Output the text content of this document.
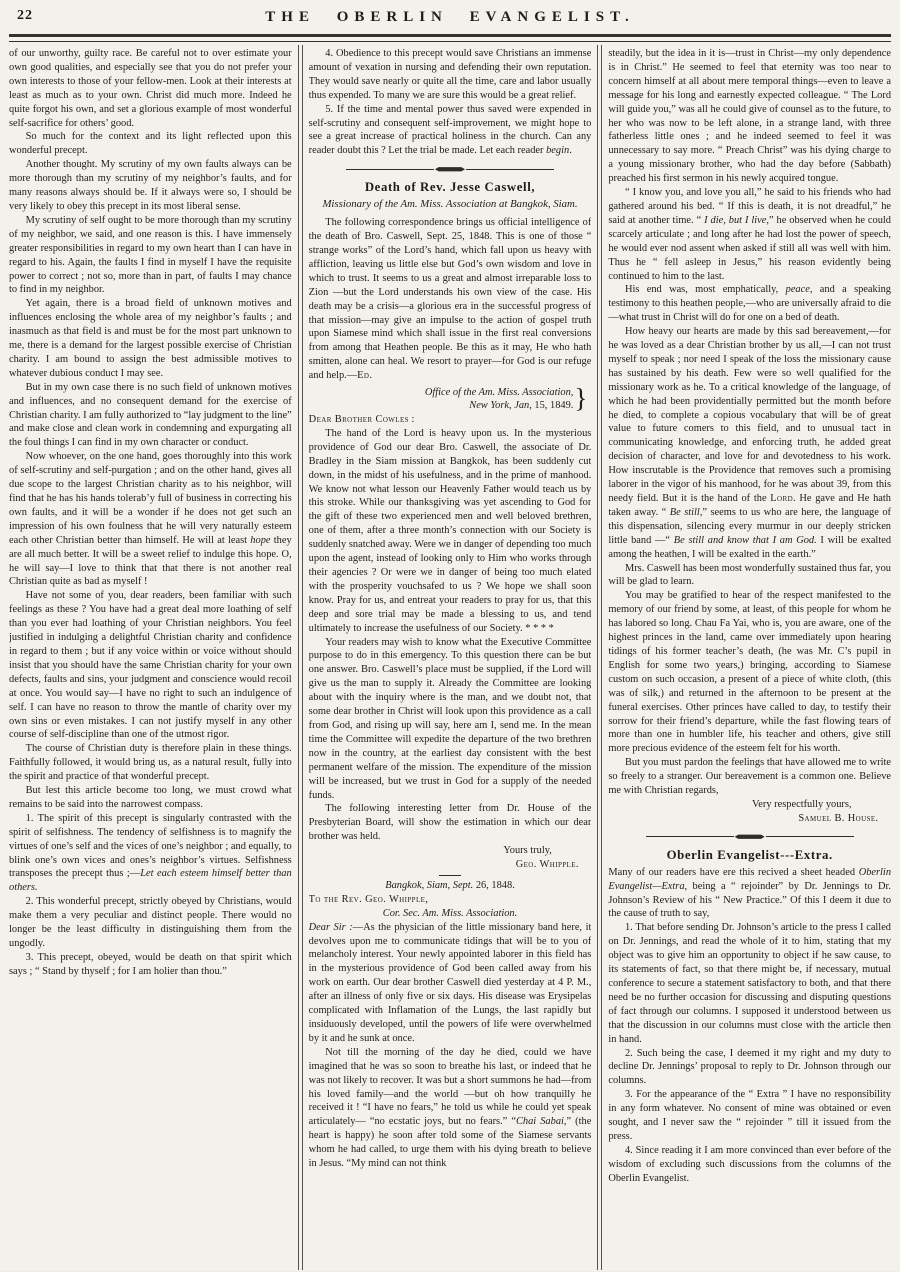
22	THE OBERLIN EVANGELIST.
of our unworthy, guilty race. Be careful not to over estimate your own good qualities, and especially see that you do not prefer your own interests to those of your fellow-men. Look at their interests at least as much as to your own. Christ did much more. Indeed he quite forgot his own, and set a glorious example of most wonderful self-sacrifice for others’ good.
So much for the context and its light reflected upon this wonderful precept.
Another thought. My scrutiny of my own faults always can be more thorough than my scrutiny of my neighbor’s faults, and for many reasons always should be. If it always were so, I should be very likely to obey this precept in its most liberal sense.
My scrutiny of self ought to be more thorough than my scrutiny of my neighbor, we said, and one reason is this. I have immensely greater responsibilities in regard to my own heart than I can have in regard to his. Again, the faults I find in myself I have the requisite power to correct ; not so, more than in part, of faults I may chance to find in my neighbor.
Yet again, there is a broad field of unknown motives and influences enclosing the whole area of my neighbor’s faults ; and inasmuch as that field is and must be for the most part unknown to me, there is a demand for the largest possible exercise of Christian charity. I am bound to assign the best admissible motives to whatever dubious conduct I may see.
But in my own case there is no such field of unknown motives and influences, and no consequent demand for the exercise of Christian charity. I am fully authorized to “lay judgment to the line” and make close and clean work in condemning and expurgating all the foul things I can find in my own character or conduct.
Now whoever, on the one hand, goes thoroughly into this work of self-scrutiny and self-purgation ; and on the other hand, gives all due scope to the largest Christian charity as to his neighbor, will find that he has his hands tolerab’y full of business in correcting his own faults, and it will be a wonder if he does not get such an impression of his own foulness that he will very naturally esteem each other Christian better than himself. He will at least hope they are all much better. It will be a sweet relief to indulge this hope. O, he will say—I love to think that that there is not another real Christian quite as bad as myself !
Have not some of you, dear readers, been familiar with such feelings as these ? You have had a great deal more loathing of self than you ever had loathing of your Christian neighbors. You feel justified in indulging a delightful Christian charity and confidence in regard to them ; but if any voice within or voice without should insist that you should have the same Christian charity for your own defects, faults and sins, your judgment and conscience would recoil at once. You would say—I have no right to such an indulgence of self. I can have no reason to throw the mantle of charity over my own sins or even mistakes. I can not justify myself in any other course of self-discipline than one of the utmost rigor.
The course of Christian duty is therefore plain in these things. Faithfully followed, it would bring us, as a natural result, fully into the spirit and practice of that wonderful precept.
But lest this article become too long, we must crowd what remains to be said into the narrowest compass.
1. The spirit of this precept is singularly contrasted with the spirit of selfishness. The tendency of selfishness is to magnify the virtues of one’s self and the vices of one’s neighbor ; and equally, to blink one’s own vices and ones’s neighbor’s virtues. Selfishness transposes the precept thus ;—Let each esteem himself better than others.
2. This wonderful precept, strictly obeyed by Christians, would make them a very peculiar and distinct people. There would no longer be the least difficulty in distinguishing them from the ungodly.
3. This precept, obeyed, would be death on that spirit which says ; “ Stand by thyself ; for I am holier than thou.”
4. Obedience to this precept would save Christians an immense amount of vexation in nursing and defending their own reputation. They would save nearly or quite all the time, care and labor usually thus expended. To many we are sure this would be a great relief.
5. If the time and mental power thus saved were expended in self-scrutiny and consequent self-improvement, we might hope to see a great increase of practical holiness in the church. Can any reader doubt this ? Let the trial be made. Let each reader begin.
Death of Rev. Jesse Caswell,
Missionary of the Am. Miss. Association at Bangkok, Siam.
The following correspondence brings us official intelligence of the death of Bro. Caswell, Sept. 25, 1848. This is one of those “ strange works” of the Lord’s hand, which fall upon us heavy with affliction, leaving us little else but God’s own wisdom and love in which to trust. It seems to us a great and almost irreparable loss to Zion —but the Lord understands his own view of the case. His death may be a crisis—a glorious era in the successful progress of that mission—may give an impulse to the action of gospel truth upon Siamese mind which shall issue in the first real conversions from among that Heathen people. Be this as it may, He who hath smitten, alone can heal. We resort to prayer—for God is our refuge and help.—Ed.
Office of the Am. Miss. Association,
New York, Jan, 15, 1849. }
Dear Brother Cowles :
The hand of the Lord is heavy upon us. In the mysterious providence of God our dear Bro. Caswell, the associate of Dr. Bradley in the Siam mission at Bangkok, has been suddenly cut down, in the midst of his usefulness, and in the prime of manhood. We know not what lesson our Heavenly Father would teach us by this stroke. While our thanksgiving was yet ascending to God for the gift of these two experienced men and well beloved brethren, one of them, after a three month’s connection with our Society is suddenly snatched away. Were we in danger of depending too much upon the agent, instead of looking only to Him who works through their agencies ? Or were we in danger of being too much elated with the prosperity vouchsafed to us ? We hope we shall soon know. Pray for us, and entreat your readers to pray for us, that this deep and sore trial may be made a blessing to us, and tend ultimately to increase the usefulness of our Society. * * * *
Your readers may wish to know what the Executive Committee purpose to do in this emergency. To this question there can be but one answer. Bro. Caswell’s place must be supplied, if the Lord will give us the man to supply it. Already the Committee are looking about with the inquiry where is the man, and we doubt not, that some dear brother in Christ will look upon this providence as a call from God, and rising up will say, here am I, send me. In the mean time the Committee will expedite the departure of the two brethren now in the country, at the earliest day consistent with the best permanent welfare of the mission. The expenditure of the mission will be increased, but we trust in God for a supply of the needed funds.
The following interesting letter from Dr. House of the Presbyterian Board, will show the estimation in which our dear brother was held.
Yours truly,
Geo. Whipple.
Bangkok, Siam, Sept. 26, 1848.
To the Rev. Geo. Whipple,
Cor. Sec. Am. Miss. Association.
Dear Sir :—As the physician of the little missionary band here, it devolves upon me to communicate tidings that will be to you of melancholy interest. Your newly appointed laborer in this field has in the mysterious providence of God been called away from his work on earth. Our dear brother Caswell died yesterday at 4 P. M., after an illness of only five or six days. His disease was Erysipelas complicated with Inflamation of the Lungs, the last rapidly but insiduously developed, until the powers of life were overwhelmed by it and he sunk at once.
Not till the morning of the day he died, could we have imagined that he was so soon to breathe his last, or indeed that he was not likely to recover. It was but a short summons he had—from his loved family—and the world —but oh how tranquilly he received it ! “I have no fears,” he told us while he could yet speak articulately— “no ecstatic joys, but no fears.” “Chai Sabai,” (the heart is happy) he soon after told some of the Siamese servants whom he had called, to urge them with his dying breath to believe in Jesus. “My mind can not think
steadily, but the idea in it is—trust in Christ—my only dependence is in Christ.” He seemed to feel that eternity was too near to concern himself at all about mere temporal things—even to leave a message for his long and earnestly expected colleague. “ The Lord will guide you,” was all he could give of counsel as to the future, to her who was now to be left alone, in a strange land, with three fatherless little ones ; and he indeed seemed to feel it was unnecessary to say more. “ Preach Christ” was his dying charge to a young missionary brother, who had the day before (Sabbath) preached his first sermon in his newly acquired tongue.
“ I know you, and love you all,” he said to his friends who had gathered around his bed. “ If this is death, it is not dreadful,” he said at another time. “ I die, but I live,” he observed when he could scarcely articulate ; and long after he had lost the power of speech, he would ever nod assent when asked if still all was well with him. Thus he “ fell asleep in Jesus,” his reason evidently being continued to him to the last.
His end was, most emphatically, peace, and a speaking testimony to this heathen people,—who are universally afraid to die—what trust in Christ will do for one on a bed of death.
How heavy our hearts are made by this sad bereavement,—for he was loved as a dear Christian brother by us all,—I can not trust myself to speak ; nor need I speak of the loss the missionary cause has sustained by his death. Few were so well qualified for the missionary work as he. To a critical knowledge of the language, of which he had been providentially permitted but the month before he died, to complete a copious vocabulary that will be of great value to future comers to this field, and to unusual tact in communicating knowledge, and enforcing truth, he added great decision of character, and love for and devotedness to his work. How inscrutable is the Providence that removes such a promising laborer in the vigor of his manhood, for he was about 39, from this needy field. But it is the hand of the Lord. He gave and He hath taken away. “ Be still,” seems to us who are here, the language of this dispensation, silencing every murmur in our deeply stricken little band —“ Be still and know that I am God. I will be exalted among the heathen, I will be exalted in the earth.”
Mrs. Caswell has been most wonderfully sustained thus far, you will be glad to learn.
You may be gratified to hear of the respect manifested to the memory of our friend by some, at least, of this people for whom he has labored so long. Chau Fa Yai, who is, you are aware, one of the highest princes in the land, came over immediately upon hearing tidings of his former teacher’s death, (he was Mr. C’s pupil in English for some two years,) bringing, according to Siamese custom on such occasion, a present of a piece of white cloth, (this was of silk,) and returned in the afternoon to be present at the funeral exercises. Other princes have called to day, to testify their sorrow for their friend’s departure, while the fast flowing tears of more than one in humbler life, his teacher and others, give still more precious evidence of the esteem felt for his worth.
But you must pardon the feelings that have allowed me to write so freely to a stranger. Our bereavement is a common one. Believe me with Christian regards,
Very respectfully yours,
Samuel B. House.
Oberlin Evangelist---Extra.
Many of our readers have ere this recived a sheet headed Oberlin Evangelist—Extra, being a “ rejoinder” by Dr. Jennings to Dr. Johnson’s Review of his “ New Practice.” Of this I deem it due to the cause of truth to say,
1. That before sending Dr. Johnson’s article to the press I called on Dr. Jennings, and read the whole of it to him, stating that my object was to give him an opportunity to object if he saw cause, to its statements of fact, so that there might be, if necessary, mutual conference to secure a statement satisfactory to both, and that there need be no further occasion for discussing and disputing questions of fact through our columns. I supposed it understood between us that the discussion in our columns must close with the article then in hand.
2. Such being the case, I deemed it my right and my duty to decline Dr. Jennings’ proposal to reply to Dr. Johnson through our columns.
3. For the appearance of the “ Extra ” I have no responsibility in any form whatever. No consent of mine was obtained or even sought, and I never saw the “ rejoinder ” till it issued from the press.
4. Since reading it I am more convinced than ever before of the wisdom of excluding such discussions from the columns of the Oberlin Evangelist.
